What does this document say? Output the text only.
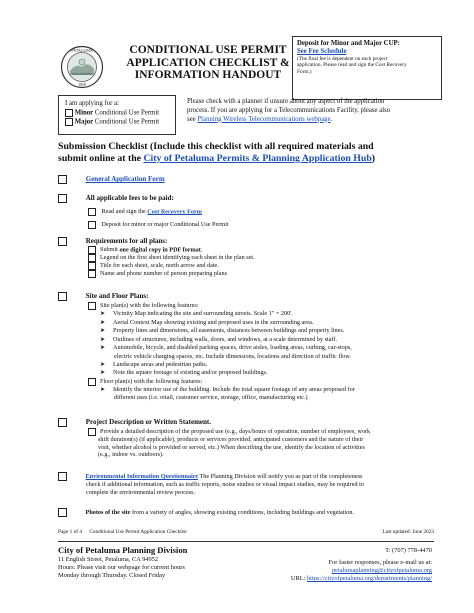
PETALUMA
1858
CONDITIONAL USE PERMIT
APPLICATION CHECKLIST &
INFORMATION HANDOUT
Deposit for Minor and Major CUP:
See Fee Schedule
(The final fee is dependent on each project
application. Please read and sign the Cost Recovery
Form.)
I am applying for a:
Minor Conditional Use Permit
Major Conditional Use Permit
Please check with a planner if unsure about any aspect of the application
process. If you are applying for a Telecommunications Facility, please also
see Planning Wireless Telecommunications webpage.
Submission Checklist (Include this checklist with all required materials and
submit online at the City of Petaluma Permits & Planning Application Hub)
General Application Form
All applicable fees to be paid:
Read and sign the Cost Recovery Form
Deposit for minor or major Conditional Use Permit
Requirements for all plans:
Submit one digital copy in PDF format.
Legend on the first sheet identifying each sheet in the plan set.
Title for each sheet, scale, north arrow and date.
Name and phone number of person preparing plans
Site and Floor Plans:
Site plan(s) with the following features:
➤ Vicinity Map indicating the site and surrounding streets. Scale 1" = 200'.
➤ Aerial Context Map showing existing and proposed uses in the surrounding area.
➤ Property lines and dimensions, all easements, distances between buildings and property lines.
➤ Outlines of structures, including walls, doors, and windows, at a scale determined by staff.
➤ Automobile, bicycle, and disabled parking spaces, drive aisles, loading areas, curbing, car-stops,
electric vehicle charging spaces, etc. Include dimensions, locations and direction of traffic flow.
➤ Landscape areas and pedestrian paths.
➤ Note the square footage of existing and/or proposed buildings.
Floor plan(s) with the following features:
➤ Identify the interior use of the building. Include the total square footage of any areas proposed for
different uses (i.e. retail, customer service, storage, office, manufacturing etc.)
Project Description or Written Statement.
Provide a detailed description of the proposed use (e.g., days/hours of operation, number of employees, work
shift duration(s) (if applicable), products or services provided, anticipated customers and the nature of their
visit, whether alcohol is provided or served, etc.) When describing the use, identify the location of activities
(e.g., indoor vs. outdoors).
Environmental Information Questionnaire The Planning Division will notify you as part of the completeness
check if additional information, such as traffic reports, noise studies or visual impact studies, may be required to
complete the environmental review process.
Photos of the site from a variety of angles, showing existing conditions, including buildings and vegetation.
Page 1 of 4 Conditional Use Permit Application Checklist	Last updated: June 2023
City of Petaluma Planning Division
11 English Street, Petaluma, CA 94952
Hours: Please visit our webpage for current hours
Monday through Thursday. Closed Friday
T: (707) 778-4470
For faster responses, please e-mail us at:
petalumaplanning@cityofpetaluma.org
URL: https://cityofpetaluma.org/departments/planning/
